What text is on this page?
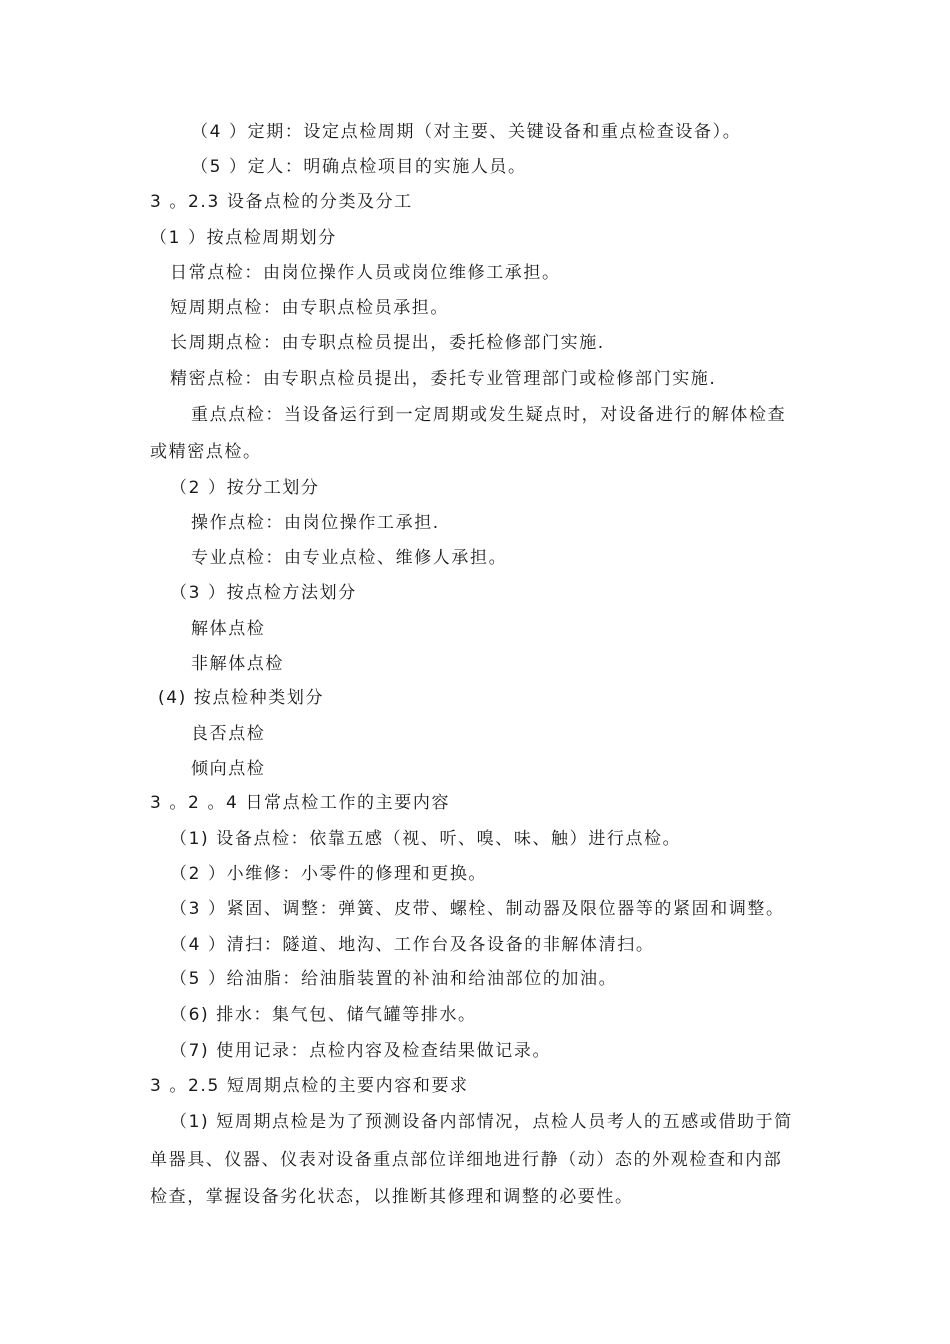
（4 ）定期：设定点检周期（对主要、关键设备和重点检查设备）。
（5 ）定人：明确点检项目的实施人员。
3 。2.3 设备点检的分类及分工
（1 ）按点检周期划分
日常点检：由岗位操作人员或岗位维修工承担。
短周期点检：由专职点检员承担。
长周期点检：由专职点检员提出，委托检修部门实施.
精密点检：由专职点检员提出，委托专业管理部门或检修部门实施.
重点点检：当设备运行到一定周期或发生疑点时，对设备进行的解体检查
或精密点检。
（2 ）按分工划分
操作点检：由岗位操作工承担.
专业点检：由专业点检、维修人承担。
（3 ）按点检方法划分
解体点检
非解体点检
(4) 按点检种类划分
良否点检
倾向点检
3 。2 。4 日常点检工作的主要内容
（1) 设备点检：依靠五感（视、听、嗅、味、触）进行点检。
（2 ）小维修：小零件的修理和更换。
（3 ）紧固、调整：弹簧、皮带、螺栓、制动器及限位器等的紧固和调整。
（4 ）清扫：隧道、地沟、工作台及各设备的非解体清扫。
（5 ）给油脂：给油脂装置的补油和给油部位的加油。
（6) 排水：集气包、储气罐等排水。
（7) 使用记录：点检内容及检查结果做记录。
3 。2.5 短周期点检的主要内容和要求
（1) 短周期点检是为了预测设备内部情况，点检人员考人的五感或借助于简
单器具、仪器、仪表对设备重点部位详细地进行静（动）态的外观检查和内部
检查，掌握设备劣化状态，以推断其修理和调整的必要性。
